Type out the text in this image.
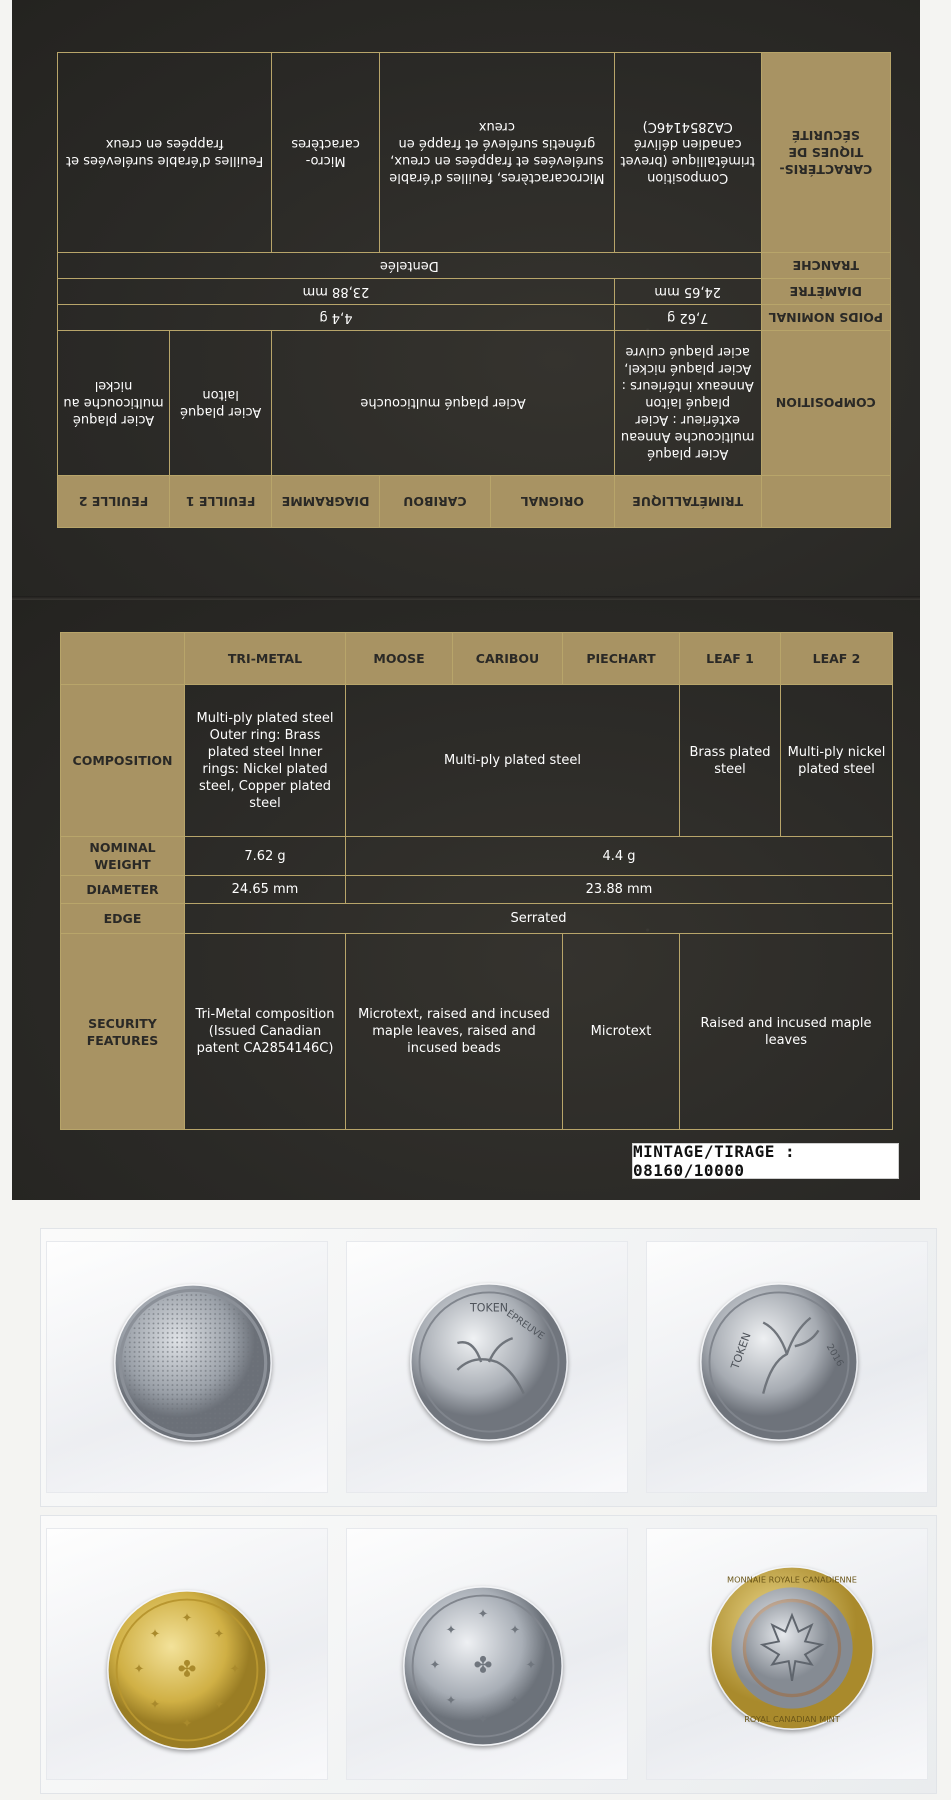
	TRIMÉTALLIQUE	ORIGNAL	CARIBOU	DIAGRAMME	FEUILLE 1	FEUILLE 2
COMPOSITION	Acier plaqué multicouche Anneau extérieur : Acier plaqué laiton Anneaux intérieurs : Acier plaqué nickel, acier plaqué cuivre	Acier plaqué multicouche			Acier plaqué laiton	Acier plaqué multicouche au nickel
POIDS NOMINAL	7,62 g	4,4 g				
DIAMÈTRE	24,65 mm	23,88 mm				
TRANCHE	Dentelée					
CARACTÉRIS-TIQUES DE SÉCURITÉ	Composition trimétallique (brevet canadien délivré CA2854146C)	Microcaractères, feuilles d'érable surélevées et frappées en creux, grénetis surélevé et frappé en creux		Micro-caractères	Feuilles d'érable surélevées et frappées en creux	
	TRI-METAL	MOOSE	CARIBOU	PIECHART	LEAF 1	LEAF 2
COMPOSITION	Multi-ply plated steel Outer ring: Brass plated steel Inner rings: Nickel plated steel, Copper plated steel	Multi-ply plated steel			Brass plated steel	Multi-ply nickel plated steel
NOMINAL WEIGHT	7.62 g	4.4 g				
DIAMETER	24.65 mm	23.88 mm				
EDGE	Serrated					
SECURITY FEATURES	Tri-Metal composition (Issued Canadian patent CA2854146C)	Microtext, raised and incused maple leaves, raised and incused beads		Microtext	Raised and incused maple leaves	
MINTAGE/TIRAGE : 08160/10000
TOKEN
ÉPREUVE
TOKEN	2016
✦
✦	✦
✦	✦
✦	✦
✦
✤
✦
✦	✦
✦	✦
✦	✦
✦
✤
MONNAIE ROYALE CANADIENNE
ROYAL CANADIAN MINT
